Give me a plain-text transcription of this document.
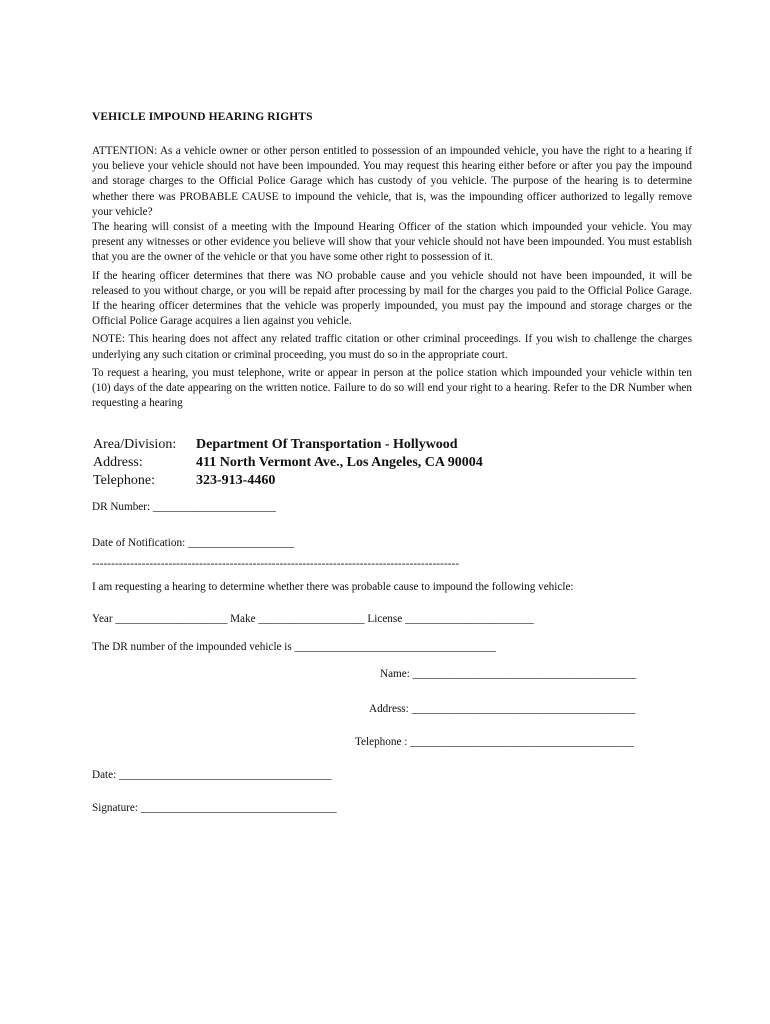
VEHICLE IMPOUND HEARING RIGHTS

ATTENTION: As a vehicle owner or other person entitled to possession of an impounded vehicle, you have the right to a hearing if you believe your vehicle should not have been impounded. You may request this hearing either before or after you pay the impound and storage charges to the Official Police Garage which has custody of you vehicle. The purpose of the hearing is to determine whether there was PROBABLE CAUSE to impound the vehicle, that is, was the impounding officer authorized to legally remove your vehicle?

The hearing will consist of a meeting with the Impound Hearing Officer of the station which impounded your vehicle. You may present any witnesses or other evidence you believe will show that your vehicle should not have been impounded. You must establish that you are the owner of the vehicle or that you have some other right to possession of it.

If the hearing officer determines that there was NO probable cause and you vehicle should not have been impounded, it will be released to you without charge, or you will be repaid after processing by mail for the charges you paid to the Official Police Garage. If the hearing officer determines that the vehicle was properly impounded, you must pay the impound and storage charges or the Official Police Garage acquires a lien against you vehicle.

NOTE: This hearing does not affect any related traffic citation or other criminal proceedings. If you wish to challenge the charges underlying any such citation or criminal proceeding, you must do so in the appropriate court.

To request a hearing, you must telephone, write or appear in person at the police station which impounded your vehicle within ten (10) days of the date appearing on the written notice. Failure to do so will end your right to a hearing. Refer to the DR Number when requesting a hearing

Area/Division:	Department Of Transportation - Hollywood
Address:	411 North Vermont Ave., Los Angeles, CA 90004
Telephone:	323-913-4460
DR Number: ______________________
Date of Notification: ___________________
------------------------------------------------------------------------------------------------
I am requesting a hearing to determine whether there was probable cause to impound the following vehicle:
Year ____________________ Make ___________________ License _______________________
The DR number of the impounded vehicle is ____________________________________
Name: ________________________________________
Address: ________________________________________
Telephone : ________________________________________
Date: ______________________________________
Signature: ___________________________________
